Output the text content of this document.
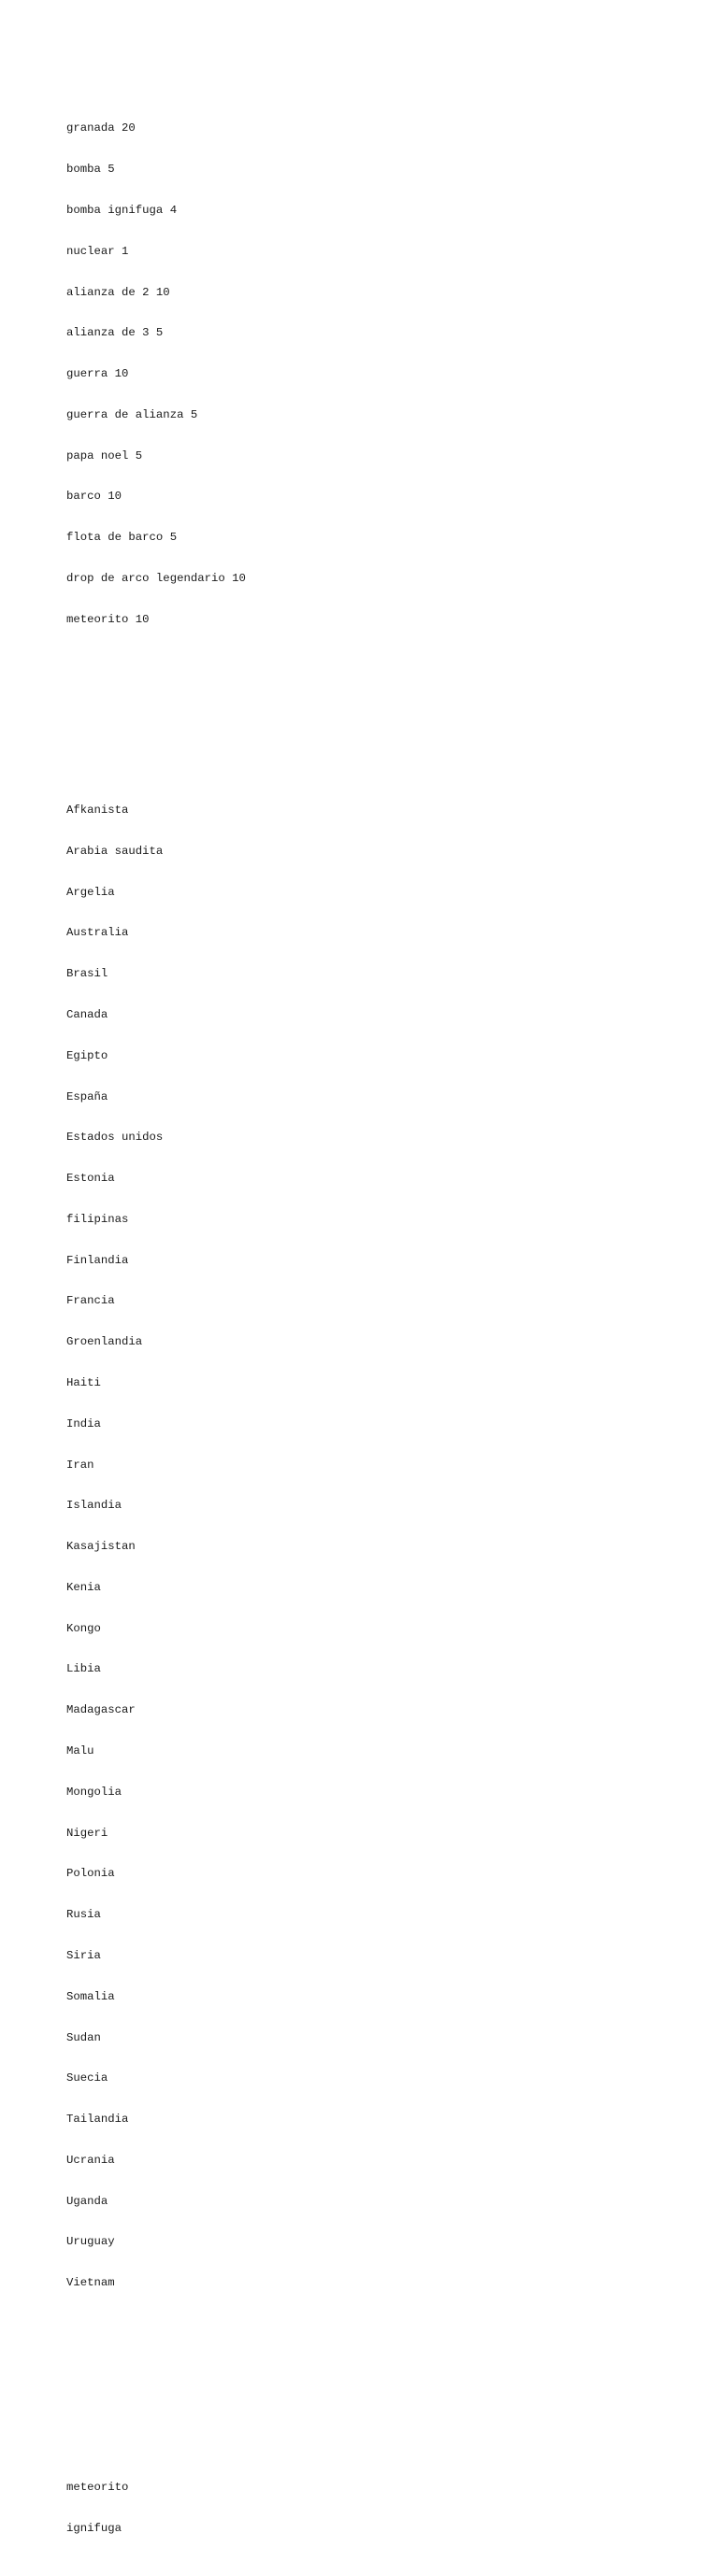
granada 20

bomba 5

bomba ignifuga 4

nuclear 1

alianza de 2 10

alianza de 3 5

guerra 10

guerra de alianza 5

papa noel 5

barco 10

flota de barco 5

drop de arco legendario 10

meteorito 10

Afkanista

Arabia saudita

Argelia

Australia

Brasil

Canada

Egipto

España

Estados unidos

Estonia

filipinas

Finlandia

Francia

Groenlandia

Haiti

India

Iran

Islandia

Kasajistan

Kenia

Kongo

Libia

Madagascar

Malu

Mongolia

Nigeri

Polonia

Rusia

Siria

Somalia

Sudan

Suecia

Tailandia

Ucrania

Uganda

Uruguay

Vietnam

meteorito

ignifuga
